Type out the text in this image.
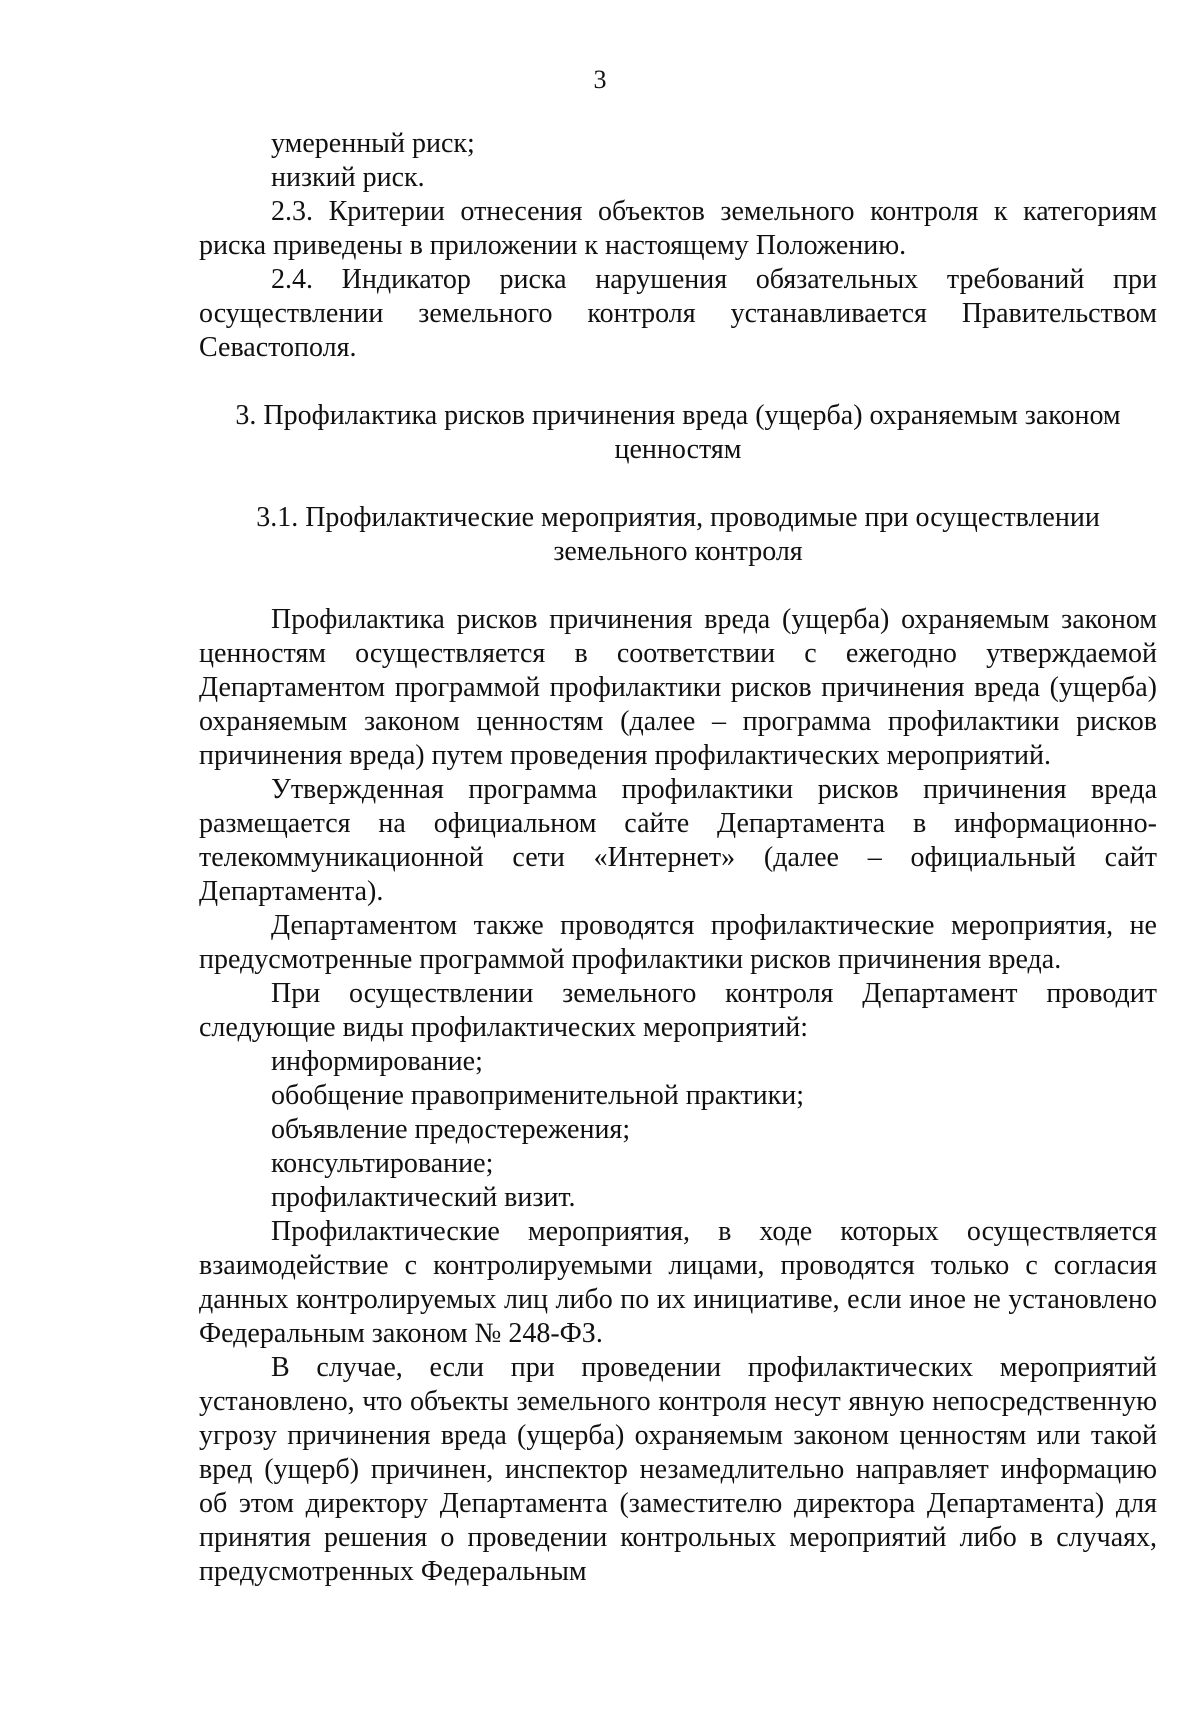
3

умеренный риск;

низкий риск.

2.3. Критерии отнесения объектов земельного контроля к категориям риска приведены в приложении к настоящему Положению.

2.4. Индикатор риска нарушения обязательных требований при осуществлении земельного контроля устанавливается Правительством Севастополя.

3. Профилактика рисков причинения вреда (ущерба) охраняемым законом ценностям

3.1. Профилактические мероприятия, проводимые при осуществлении земельного контроля

Профилактика рисков причинения вреда (ущерба) охраняемым законом ценностям осуществляется в соответствии с ежегодно утверждаемой Департаментом программой профилактики рисков причинения вреда (ущерба) охраняемым законом ценностям (далее – программа профилактики рисков причинения вреда) путем проведения профилактических мероприятий.

Утвержденная программа профилактики рисков причинения вреда размещается на официальном сайте Департамента в информационно-телекоммуникационной сети «Интернет» (далее – официальный сайт Департамента).

Департаментом также проводятся профилактические мероприятия, не предусмотренные программой профилактики рисков причинения вреда.

При осуществлении земельного контроля Департамент проводит следующие виды профилактических мероприятий:

информирование;

обобщение правоприменительной практики;

объявление предостережения;

консультирование;

профилактический визит.

Профилактические мероприятия, в ходе которых осуществляется взаимодействие с контролируемыми лицами, проводятся только с согласия данных контролируемых лиц либо по их инициативе, если иное не установлено Федеральным законом № 248-ФЗ.

В случае, если при проведении профилактических мероприятий установлено, что объекты земельного контроля несут явную непосредственную угрозу причинения вреда (ущерба) охраняемым законом ценностям или такой вред (ущерб) причинен, инспектор незамедлительно направляет информацию об этом директору Департамента (заместителю директора Департамента) для принятия решения о проведении контрольных мероприятий либо в случаях, предусмотренных Федеральным
